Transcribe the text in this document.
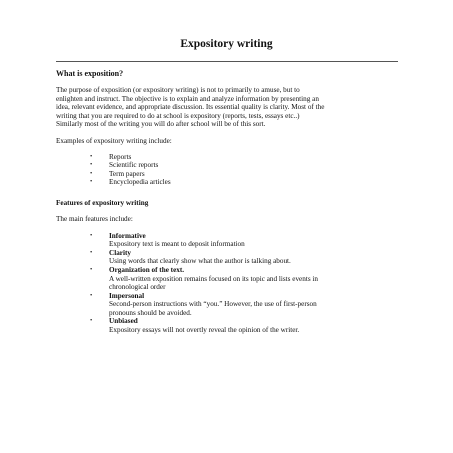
Expository writing

What is exposition?

The purpose of exposition (or expository writing) is not to primarily to amuse, but to
enlighten and instruct. The objective is to explain and analyze information by presenting an
idea, relevant evidence, and appropriate discussion. Its essential quality is clarity. Most of the
writing that you are required to do at school is expository (reports, tests, essays etc..)
Similarly most of the writing you will do after school will be of this sort.

Examples of expository writing include:

• Reports
• Scientific reports
• Term papers
• Encyclopedia articles

Features of expository writing

The main features include:

• Informative
Expository text is meant to deposit information
• Clarity
Using words that clearly show what the author is talking about.
• Organization of the text.
A well-written exposition remains focused on its topic and lists events in
chronological order
• Impersonal
Second-person instructions with “you.” However, the use of first-person
pronouns should be avoided.
• Unbiased
Expository essays will not overtly reveal the opinion of the writer.
